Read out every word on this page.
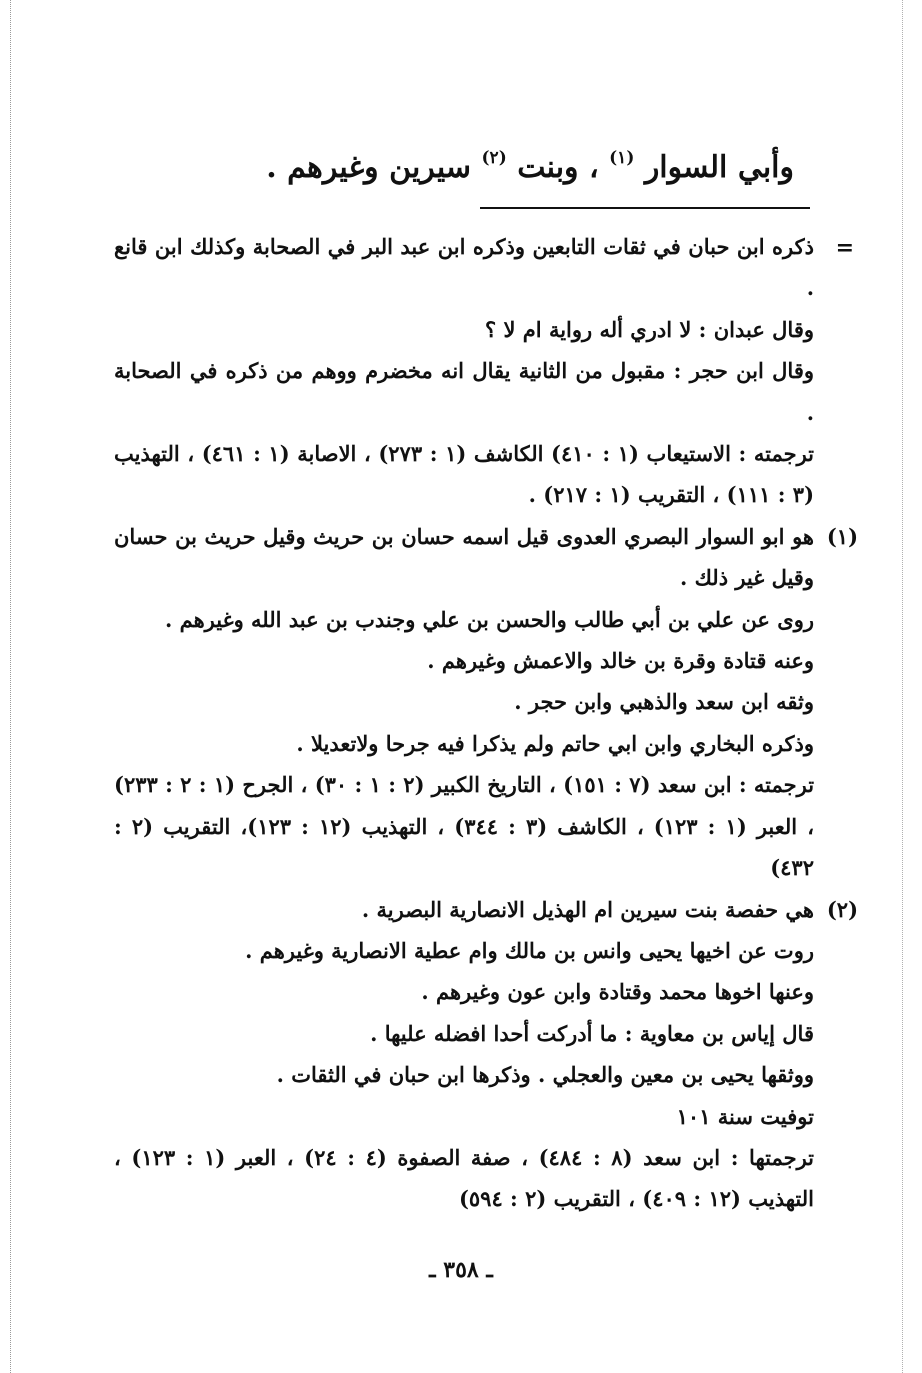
وأبي السوار $^{(١)}$ ، وبنت $^{(٢)}$ سيرين وغيرهم .
=

ذكره ابن حبان في ثقات التابعين وذكره ابن عبد البر في الصحابة وكذلك ابن قانع .

وقال عبدان : لا ادري أله رواية ام لا ؟

وقال ابن حجر : مقبول من الثانية يقال انه مخضرم ووهم من ذكره في الصحابة .

ترجمته : الاستيعاب (١ : ٤١٠) الكاشف (١ : ٢٧٣) ، الاصابة (١ : ٤٦١) ، التهذيب (٣ : ١١١) ، التقريب (١ : ٢١٧) .

(١)

هو ابو السوار البصري العدوى قيل اسمه حسان بن حريث وقيل حريث بن حسان وقيل غير ذلك .

روى عن علي بن أبي طالب والحسن بن علي وجندب بن عبد الله وغيرهم .

وعنه قتادة وقرة بن خالد والاعمش وغيرهم .

وثقه ابن سعد والذهبي وابن حجر .

وذكره البخاري وابن ابي حاتم ولم يذكرا فيه جرحا ولاتعديلا .

ترجمته : ابن سعد (٧ : ١٥١) ، التاريخ الكبير (٢ : ١ : ٣٠) ، الجرح (١ : ٢ : ٢٣٣) ، العبر (١ : ١٢٣) ، الكاشف (٣ : ٣٤٤) ، التهذيب (١٢ : ١٢٣)، التقريب (٢ : ٤٣٢)

(٢)

هي حفصة بنت سيرين ام الهذيل الانصارية البصرية .

روت عن اخيها يحيى وانس بن مالك وام عطية الانصارية وغيرهم .

وعنها اخوها محمد وقتادة وابن عون وغيرهم .

قال إياس بن معاوية : ما أدركت أحدا افضله عليها .

ووثقها يحيى بن معين والعجلي . وذكرها ابن حبان في الثقات .

توفيت سنة ١٠١

ترجمتها : ابن سعد (٨ : ٤٨٤) ، صفة الصفوة (٤ : ٢٤) ، العبر (١ : ١٢٣) ، التهذيب (١٢ : ٤٠٩) ، التقريب (٢ : ٥٩٤)

ـ ٣٥٨ ـ
